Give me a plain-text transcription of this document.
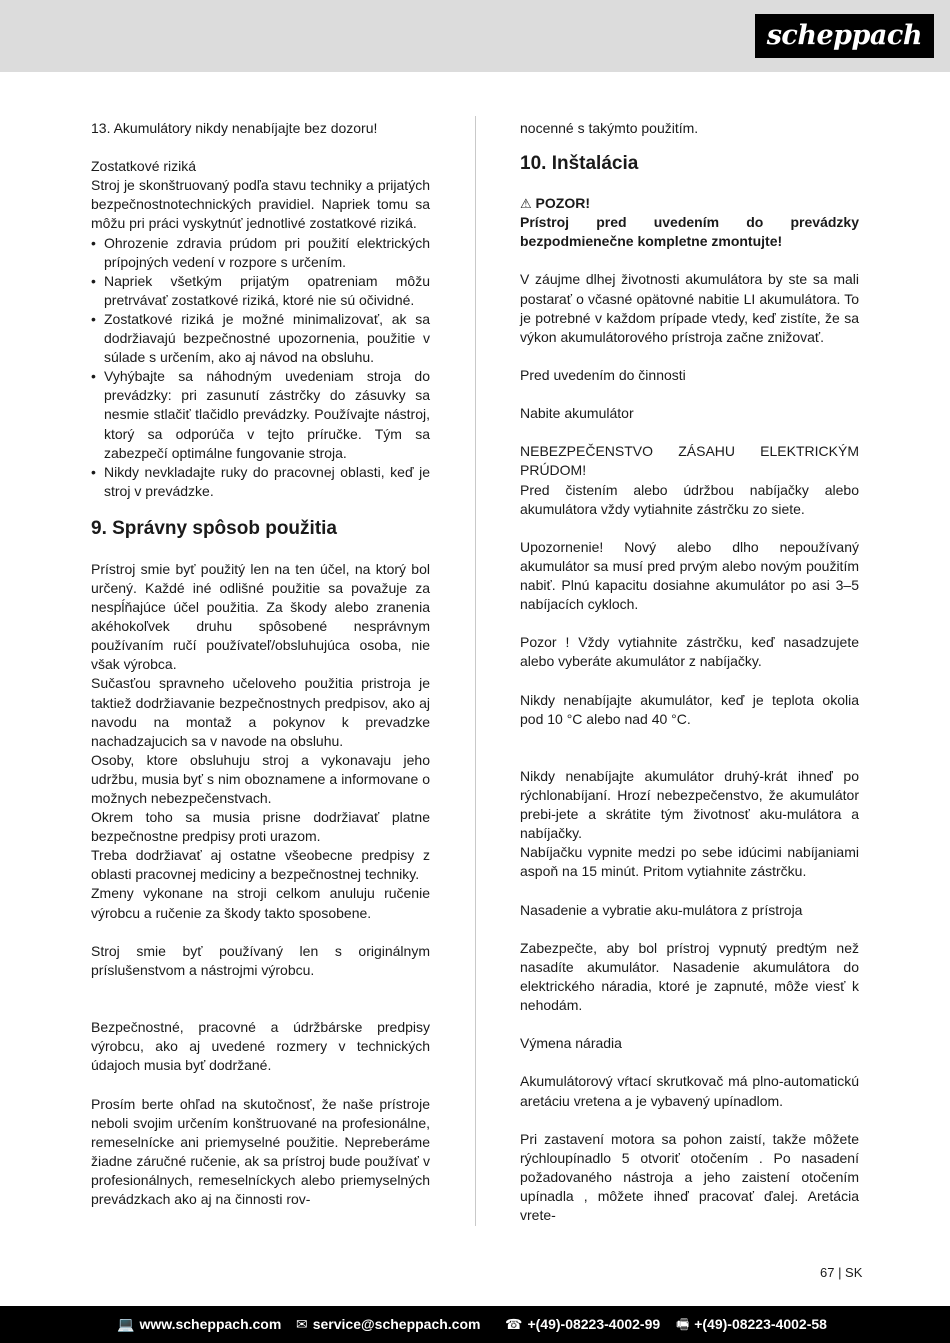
scheppach

13. Akumulátory nikdy nenabíjajte bez dozoru!

Zostatkové riziká

Stroj je skonštruovaný podľa stavu techniky a prijatých bezpečnostnotechnických pravidiel. Napriek tomu sa môžu pri práci vyskytnúť jednotlivé zostatkové riziká.

• Ohrozenie zdravia prúdom pri použití elektrických prípojných vedení v rozpore s určením.
• Napriek všetkým prijatým opatreniam môžu pretrvávať zostatkové riziká, ktoré nie sú očividné.
• Zostatkové riziká je možné minimalizovať, ak sa dodržiavajú bezpečnostné upozornenia, použitie v súlade s určením, ako aj návod na obsluhu.
• Vyhýbajte sa náhodným uvedeniam stroja do prevádzky: pri zasunutí zástrčky do zásuvky sa nesmie stlačiť tlačidlo prevádzky. Používajte nástroj, ktorý sa odporúča v tejto príručke. Tým sa zabezpečí optimálne fungovanie stroja.
• Nikdy nevkladajte ruky do pracovnej oblasti, keď je stroj v prevádzke.
9. Správny spôsob použitia

Prístroj smie byť použitý len na ten účel, na ktorý bol určený. Každé iné odlišné použitie sa považuje za nespĺňajúce účel použitia. Za škody alebo zranenia akéhokoľvek druhu spôsobené nesprávnym používaním ručí používateľ/obsluhujúca osoba, nie však výrobca.

Sučasťou spravneho učeloveho použitia pristroja je taktiež dodržiavanie bezpečnostnych predpisov, ako aj navodu na montaž a pokynov k prevadzke nachadzajucich sa v navode na obsluhu.

Osoby, ktore obsluhuju stroj a vykonavaju jeho udržbu, musia byť s nim oboznamene a informovane o možnych nebezpečenstvach.

Okrem toho sa musia prisne dodržiavať platne bezpečnostne predpisy proti urazom.

Treba dodržiavať aj ostatne všeobecne predpisy z oblasti pracovnej mediciny a bezpečnostnej techniky.

Zmeny vykonane na stroji celkom anuluju ručenie výrobcu a ručenie za škody takto sposobene.

Stroj smie byť používaný len s originálnym príslušenstvom a nástrojmi výrobcu.

Bezpečnostné, pracovné a údržbárske predpisy výrobcu, ako aj uvedené rozmery v technických údajoch musia byť dodržané.

Prosím berte ohľad na skutočnosť, že naše prístroje neboli svojim určením konštruované na profesionálne, remeselnícke ani priemyselné použitie. Nepreberáme žiadne záručné ručenie, ak sa prístroj bude používať v profesionálnych, remeselníckych alebo priemyselných prevádzkach ako aj na činnosti rov-

nocenné s takýmto použitím.

10. Inštalácia

⚠ POZOR!

Prístroj pred uvedením do prevádzky bezpodmienečne kompletne zmontujte!

V záujme dlhej životnosti akumulátora by ste sa mali postarať o včasné opätovné nabitie LI akumulátora. To je potrebné v každom prípade vtedy, keď zistíte, že sa výkon akumulátorového prístroja začne znižovať.

Pred uvedením do činnosti

Nabite akumulátor

NEBEZPEČENSTVO ZÁSAHU ELEKTRICKÝM PRÚDOM!

Pred čistením alebo údržbou nabíjačky alebo akumulátora vždy vytiahnite zástrčku zo siete.

Upozornenie! Nový alebo dlho nepoužívaný akumulátor sa musí pred prvým alebo novým použitím nabiť. Plnú kapacitu dosiahne akumulátor po asi 3–5 nabíjacích cykloch.

Pozor ! Vždy vytiahnite zástrčku, keď nasadzujete alebo vyberáte akumulátor z nabíjačky.

Nikdy nenabíjajte akumulátor, keď je teplota okolia pod 10 °C alebo nad 40 °C.

Nikdy nenabíjajte akumulátor druhý-krát ihneď po rýchlonabíjaní. Hrozí nebezpečenstvo, že akumulátor prebi-jete a skrátite tým životnosť aku-mulátora a nabíjačky.

Nabíjačku vypnite medzi po sebe idúcimi nabíjaniami aspoň na 15 minút. Pritom vytiahnite zástrčku.

Nasadenie a vybratie aku-mulátora z prístroja

Zabezpečte, aby bol prístroj vypnutý predtým než nasadíte akumulátor. Nasadenie akumulátora do elektrického náradia, ktoré je zapnuté, môže viesť k nehodám.

Výmena náradia

Akumulátorový vŕtací skrutkovač má plno-automatickú aretáciu vretena a je vybavený upínadlom.

Pri zastavení motora sa pohon zaistí, takže môžete rýchloupínadlo 5 otvoriť otočením . Po nasadení požadovaného nástroja a jeho zaistení otočením upínadla , môžete ihneď pracovať ďalej. Aretácia vrete-

67 | SK
💻 www.scheppach.com ✉ service@scheppach.com ☎ +(49)-08223-4002-99 🖷 +(49)-08223-4002-58
